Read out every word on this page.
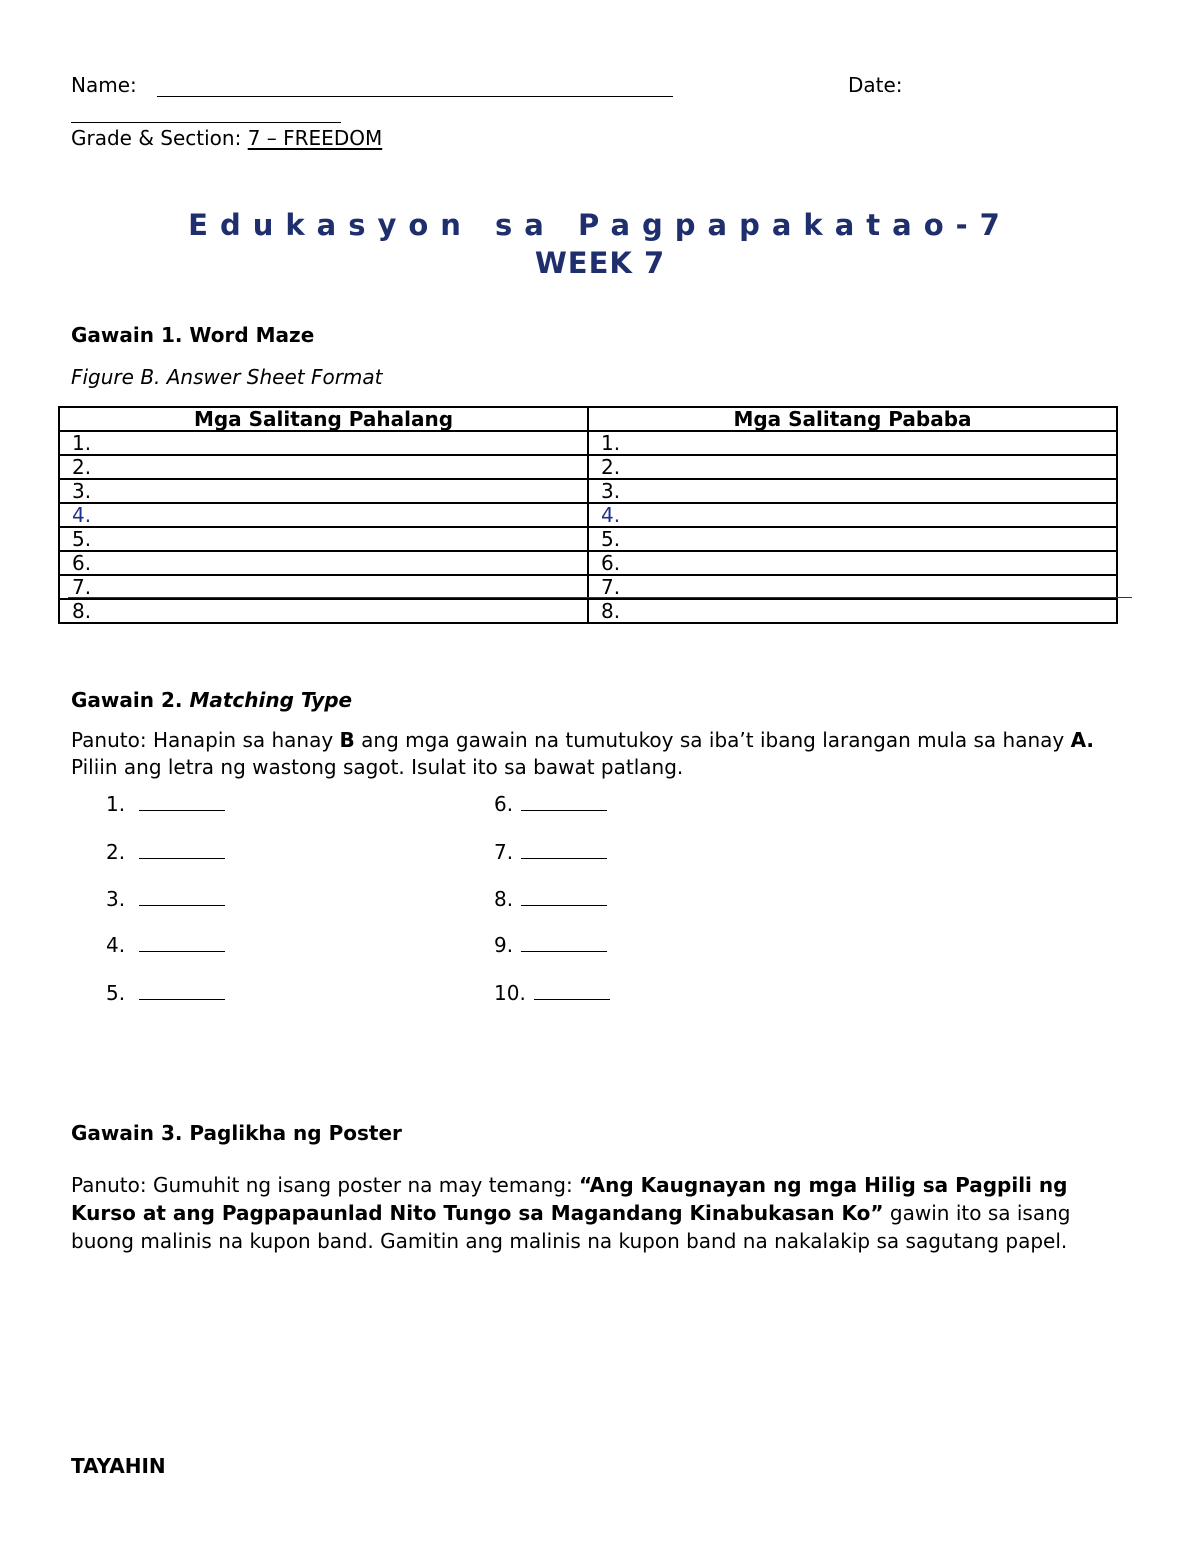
Name:	Date:
Grade & Section: 7 – FREEDOM
Edukasyon sa Pagpapakatao-7
WEEK 7
Gawain 1. Word Maze
Figure B. Answer Sheet Format
Mga Salitang Pahalang	Mga Salitang Pababa
1.	1.
2.	2.
3.	3.
4.	4.
5.	5.
6.	6.
7.	7.
8.	8.
Gawain 2. Matching Type
Panuto: Hanapin sa hanay B ang mga gawain na tumutukoy sa iba’t ibang larangan mula sa hanay A. Piliin ang letra ng wastong sagot. Isulat ito sa bawat patlang.
1.
2.
3.
4.
5.
6.
7.
8.
9.
10.
Gawain 3. Paglikha ng Poster
Panuto: Gumuhit ng isang poster na may temang: “Ang Kaugnayan ng mga Hilig sa Pagpili ng Kurso at ang Pagpapaunlad Nito Tungo sa Magandang Kinabukasan Ko” gawin ito sa isang buong malinis na kupon band. Gamitin ang malinis na kupon band na nakalakip sa sagutang papel.
TAYAHIN
